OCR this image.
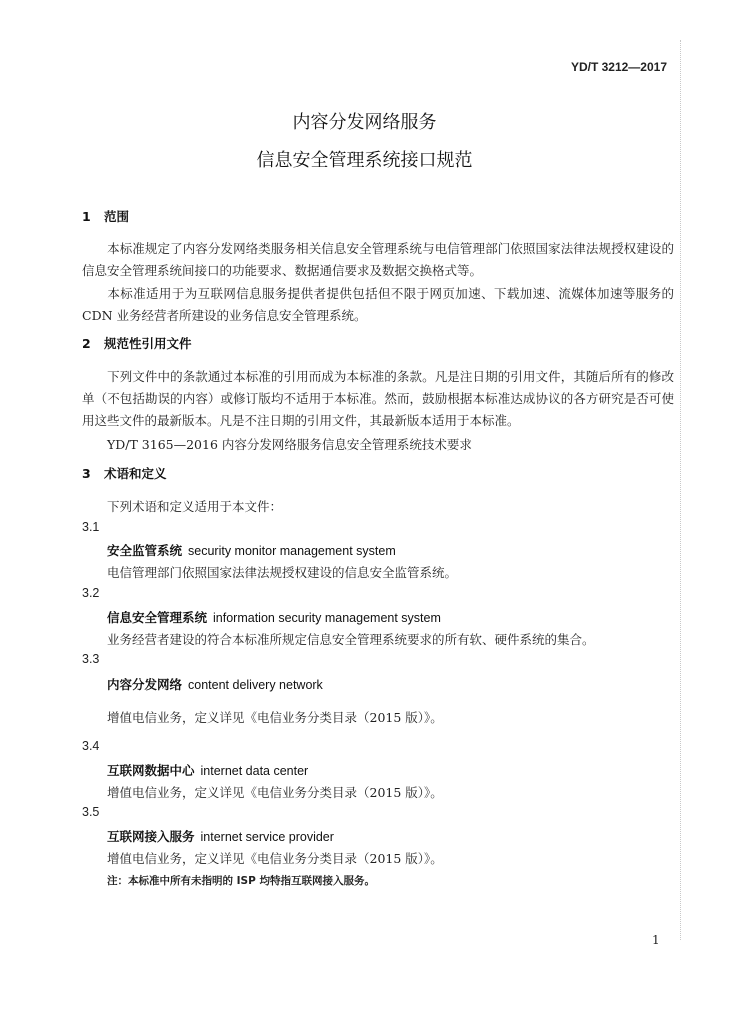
YD/T 3212—2017
内容分发网络服务
信息安全管理系统接口规范
1 范围
本标准规定了内容分发网络类服务相关信息安全管理系统与电信管理部门依照国家法律法规授权建设的信息安全管理系统间接口的功能要求、数据通信要求及数据交换格式等。
本标准适用于为互联网信息服务提供者提供包括但不限于网页加速、下载加速、流媒体加速等服务的 CDN 业务经营者所建设的业务信息安全管理系统。
2 规范性引用文件
下列文件中的条款通过本标准的引用而成为本标准的条款。凡是注日期的引用文件，其随后所有的修改单（不包括勘误的内容）或修订版均不适用于本标准。然而，鼓励根据本标准达成协议的各方研究是否可使用这些文件的最新版本。凡是不注日期的引用文件，其最新版本适用于本标准。
YD/T 3165—2016 内容分发网络服务信息安全管理系统技术要求
3 术语和定义
下列术语和定义适用于本文件：
3.1
安全监管系统 security monitor management system
电信管理部门依照国家法律法规授权建设的信息安全监管系统。
3.2
信息安全管理系统 information security management system
业务经营者建设的符合本标准所规定信息安全管理系统要求的所有软、硬件系统的集合。
3.3
内容分发网络 content delivery network
增值电信业务，定义详见《电信业务分类目录（2015 版）》。
3.4
互联网数据中心 internet data center
增值电信业务，定义详见《电信业务分类目录（2015 版）》。
3.5
互联网接入服务 internet service provider
增值电信业务，定义详见《电信业务分类目录（2015 版）》。
注：本标准中所有未指明的 ISP 均特指互联网接入服务。
1
